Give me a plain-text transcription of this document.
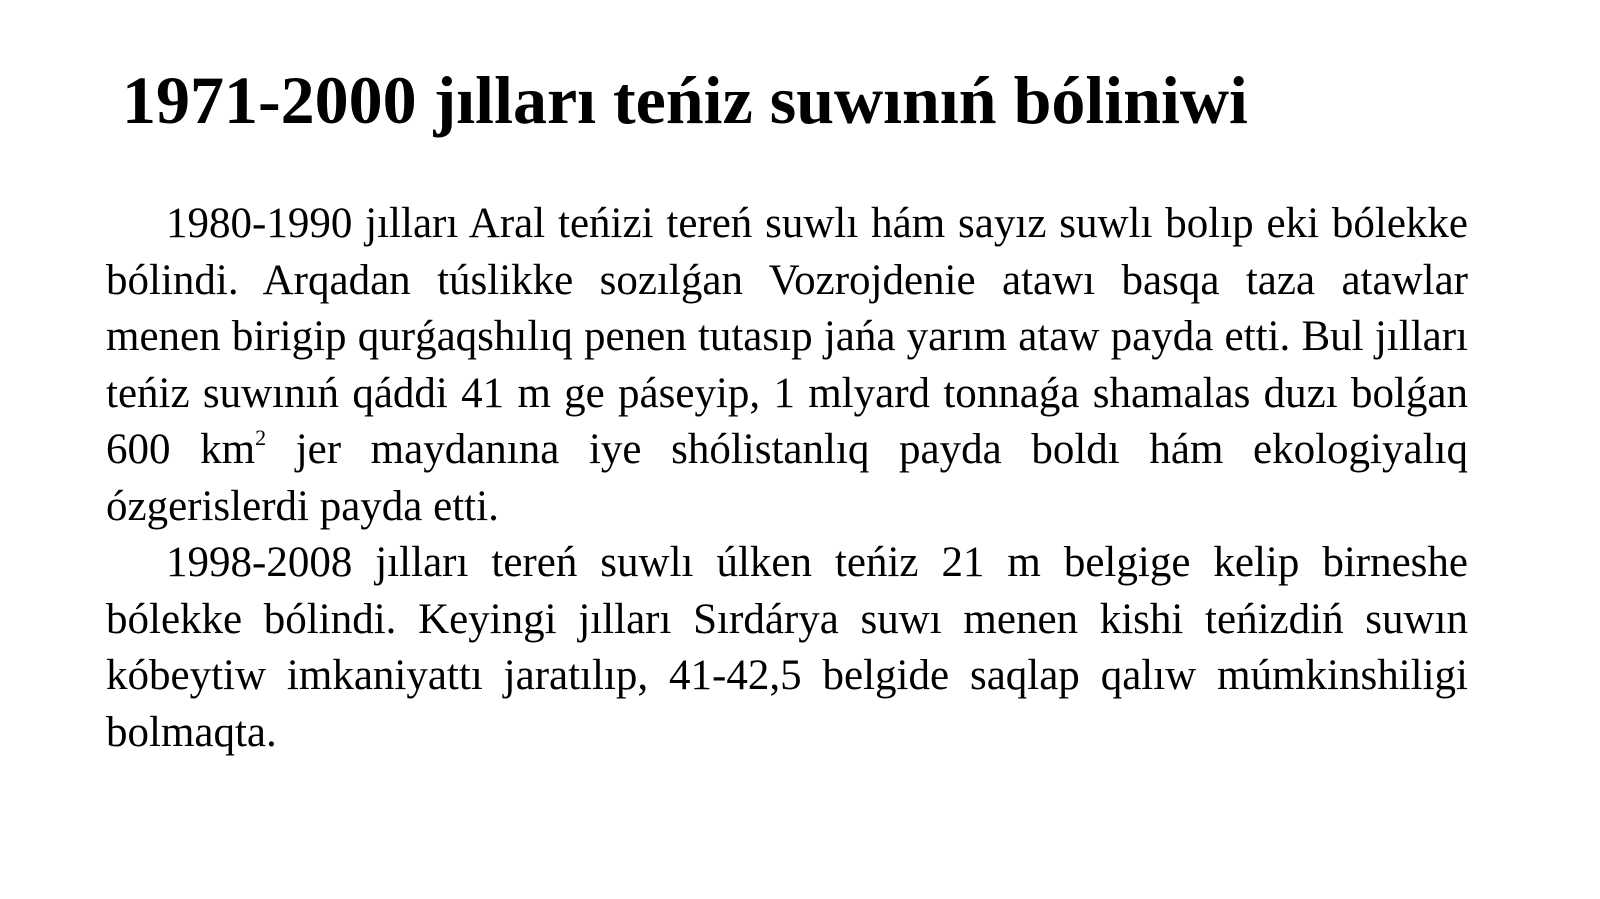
1971-2000 jılları teńiz suwınıń bóliniwi

1980-1990 jılları Aral teńizi tereń suwlı hám sayız suwlı bolıp eki bólekke bólindi. Arqadan túslikke sozılǵan Vozrojdenie atawı basqa taza atawlar menen birigip qurǵaqshılıq penen tutasıp jańa yarım ataw payda etti. Bul jılları teńiz suwınıń qáddi 41 m ge páseyip, 1 mlyard tonnaǵa shamalas duzı bolǵan 600 $km^2$ jer maydanına iye shólistanlıq payda boldı hám ekologiyalıq ózgerislerdi payda etti.

1998-2008 jılları tereń suwlı úlken teńiz 21 m belgige kelip birneshe bólekke bólindi. Keyingi jılları Sırdárya suwı menen kishi teńizdiń suwın kóbeytiw imkaniyattı jaratılıp, 41-42,5 belgide saqlap qalıw múmkinshiligi bolmaqta.
